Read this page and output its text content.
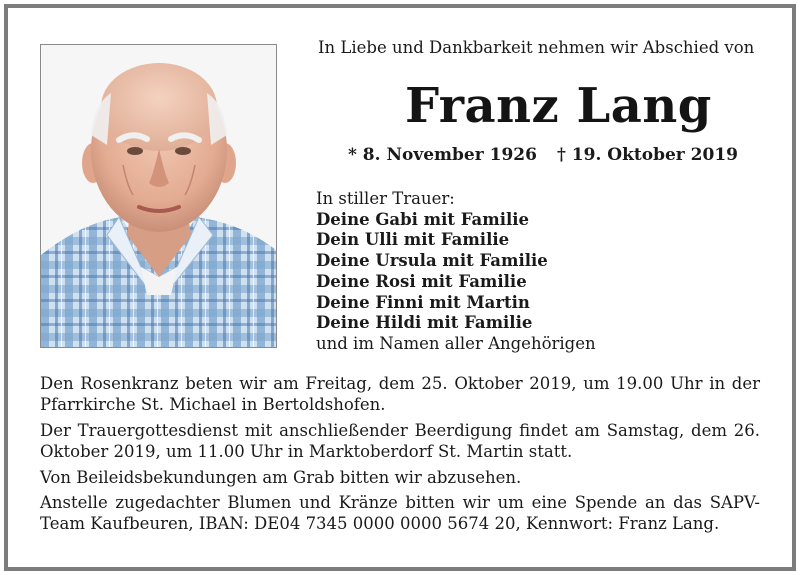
In Liebe und Dankbarkeit nehmen wir Abschied von
Franz Lang
* 8. November 1926 † 19. Oktober 2019
In stiller Trauer:
Deine Gabi mit Familie
Dein Ulli mit Familie
Deine Ursula mit Familie
Deine Rosi mit Familie
Deine Finni mit Martin
Deine Hildi mit Familie
und im Namen aller Angehörigen
Den Rosenkranz beten wir am Freitag, dem 25. Oktober 2019, um 19.00 Uhr in der Pfarrkirche St. Michael in Bertoldshofen.
Der Trauergottesdienst mit anschließender Beerdigung findet am Samstag, dem 26. Oktober 2019, um 11.00 Uhr in Marktoberdorf St. Martin statt.
Von Beileidsbekundungen am Grab bitten wir abzusehen.
Anstelle zugedachter Blumen und Kränze bitten wir um eine Spende an das SAPV-Team Kaufbeuren, IBAN: DE04 7345 0000 0000 5674 20, Kennwort: Franz Lang.
